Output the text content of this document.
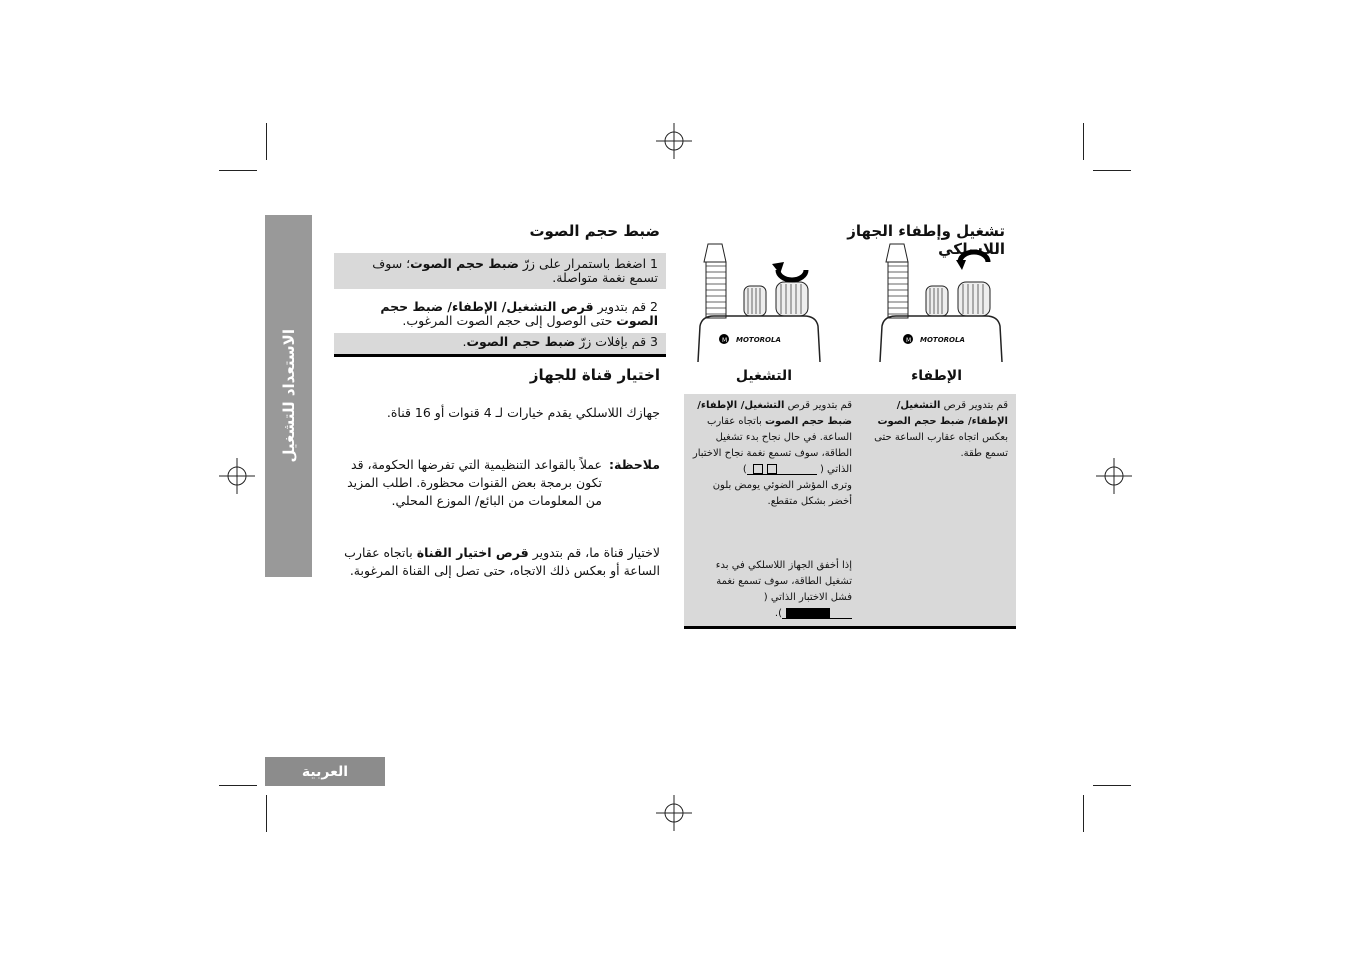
الاستعداد للتشغيل
العربية
تشغيل وإطفاء الجهاز اللاسلكي
M MOTOROLA
M MOTOROLA
الإطفاء
التشغيل
قم بتدوير قرص التشغيل/ الإطفاء/ ضبط حجم الصوت بعكس اتجاه عقارب الساعة حتى تسمع طقة.
قم بتدوير قرص التشغيل/ الإطفاء/ ضبط حجم الصوت باتجاه عقارب الساعة. في حال نجاح بدء تشغيل الطاقة، سوف تسمع نغمة نجاح الاختبار الذاتي (
)
وترى المؤشر الضوئي يومض بلون أخضر بشكل متقطع.
إذا أخفق الجهاز اللاسلكي في بدء تشغيل الطاقة، سوف تسمع نغمة فشل الاختبار الذاتي (
).
ضبط حجم الصوت
1 اضغط باستمرار على زرّ ضبط حجم الصوت؛ سوف تسمع نغمة متواصلة.
2 قم بتدوير قرص التشغيل/ الإطفاء/ ضبط حجم الصوت حتى الوصول إلى حجم الصوت المرغوب.
3 قم بإفلات زرّ ضبط حجم الصوت.
اختيار قناة للجهاز
جهازك اللاسلكي يقدم خيارات لـ 4 قنوات أو 16 قناة.
ملاحظة:
عملاً بالقواعد التنظيمية التي تفرضها الحكومة، قد تكون برمجة بعض القنوات محظورة. اطلب المزيد من المعلومات من البائع/ الموزع المحلي.
لاختيار قناة ما، قم بتدوير قرص اختيار القناة باتجاه عقارب الساعة أو بعكس ذلك الاتجاه، حتى تصل إلى القناة المرغوبة.
